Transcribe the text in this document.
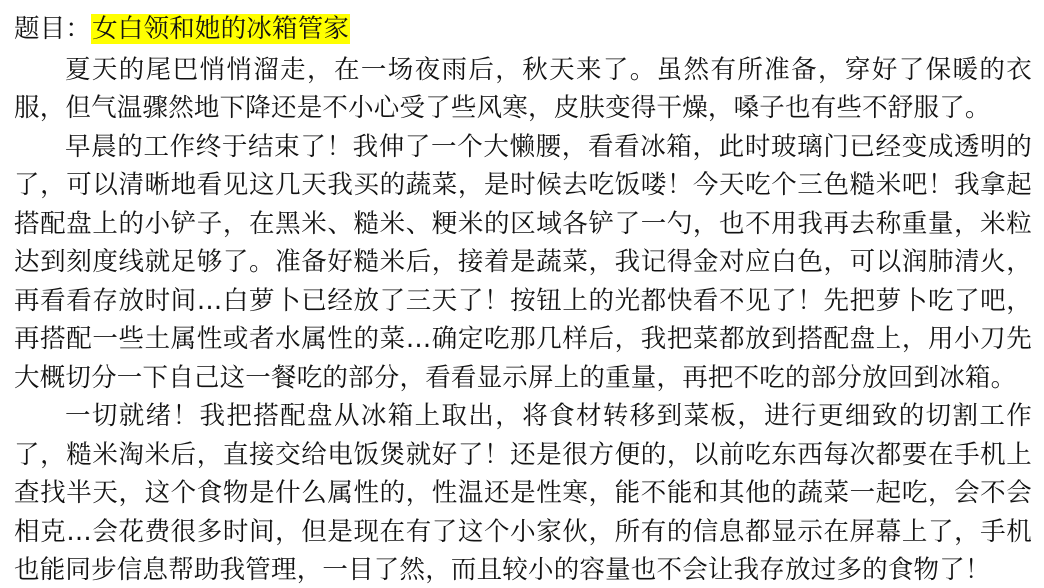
题目：女白领和她的冰箱管家

夏天的尾巴悄悄溜走，在一场夜雨后，秋天来了。虽然有所准备，穿好了保暖的衣服，但气温骤然地下降还是不小心受了些风寒，皮肤变得干燥，嗓子也有些不舒服了。

早晨的工作终于结束了！我伸了一个大懒腰，看看冰箱，此时玻璃门已经变成透明的了，可以清晰地看见这几天我买的蔬菜，是时候去吃饭喽！今天吃个三色糙米吧！我拿起搭配盘上的小铲子，在黑米、糙米、粳米的区域各铲了一勺，也不用我再去称重量，米粒达到刻度线就足够了。准备好糙米后，接着是蔬菜，我记得金对应白色，可以润肺清火，再看看存放时间…白萝卜已经放了三天了！按钮上的光都快看不见了！先把萝卜吃了吧，再搭配一些土属性或者水属性的菜…确定吃那几样后，我把菜都放到搭配盘上，用小刀先大概切分一下自己这一餐吃的部分，看看显示屏上的重量，再把不吃的部分放回到冰箱。

一切就绪！我把搭配盘从冰箱上取出，将食材转移到菜板，进行更细致的切割工作了，糙米淘米后，直接交给电饭煲就好了！还是很方便的，以前吃东西每次都要在手机上查找半天，这个食物是什么属性的，性温还是性寒，能不能和其他的蔬菜一起吃，会不会相克…会花费很多时间，但是现在有了这个小家伙，所有的信息都显示在屏幕上了，手机也能同步信息帮助我管理，一目了然，而且较小的容量也不会让我存放过多的食物了！
